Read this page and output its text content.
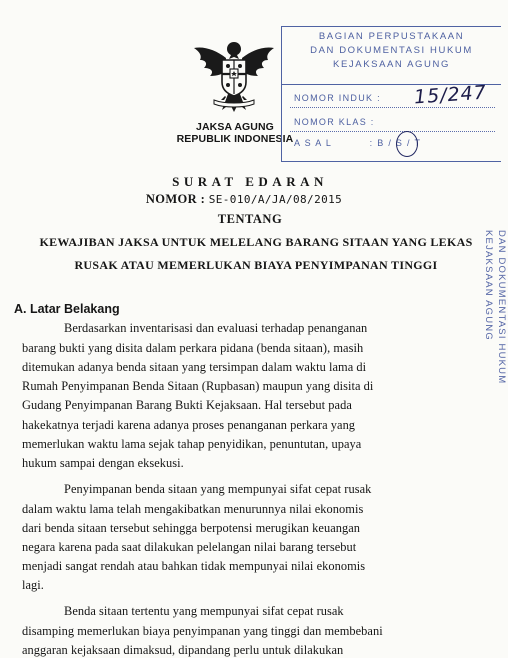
JAKSA AGUNG
REPUBLIK INDONESIA
BAGIAN PERPUSTAKAAN
DAN DOKUMENTASI HUKUM
KEJAKSAAN AGUNG
NOMOR INDUK : 15/247
NOMOR KLAS :
A S A L	: B / S / T
DAN DOKUMENTASI HUKUM
KEJAKSAAN AGUNG
SURAT EDARAN
NOMOR : SE-010/A/JA/08/2015
TENTANG
KEWAJIBAN JAKSA UNTUK MELELANG BARANG SITAAN YANG LEKAS
RUSAK ATAU MEMERLUKAN BIAYA PENYIMPANAN TINGGI
A. Latar Belakang
Berdasarkan inventarisasi dan evaluasi terhadap penanganan
barang bukti yang disita dalam perkara pidana (benda sitaan), masih
ditemukan adanya benda sitaan yang tersimpan dalam waktu lama di
Rumah Penyimpanan Benda Sitaan (Rupbasan) maupun yang disita di
Gudang Penyimpanan Barang Bukti Kejaksaan. Hal tersebut pada
hakekatnya terjadi karena adanya proses penanganan perkara yang
memerlukan waktu lama sejak tahap penyidikan, penuntutan, upaya
hukum sampai dengan eksekusi.
Penyimpanan benda sitaan yang mempunyai sifat cepat rusak
dalam waktu lama telah mengakibatkan menurunnya nilai ekonomis
dari benda sitaan tersebut sehingga berpotensi merugikan keuangan
negara karena pada saat dilakukan pelelangan nilai barang tersebut
menjadi sangat rendah atau bahkan tidak mempunyai nilai ekonomis
lagi.
Benda sitaan tertentu yang mempunyai sifat cepat rusak
disamping memerlukan biaya penyimpanan yang tinggi dan membebani
anggaran kejaksaan dimaksud, dipandang perlu untuk dilakukan
